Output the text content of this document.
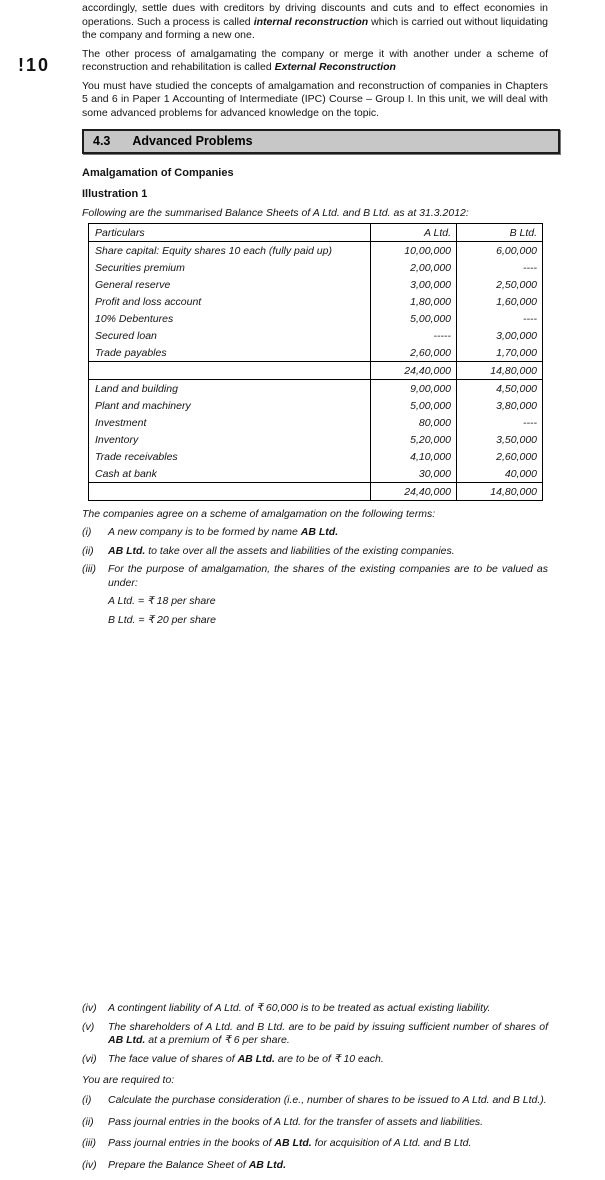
!10

accordingly, settle dues with creditors by driving discounts and cuts and to effect economies in operations. Such a process is called internal reconstruction which is carried out without liquidating the company and forming a new one.

The other process of amalgamating the company or merge it with another under a scheme of reconstruction and rehabilitation is called External Reconstruction

You must have studied the concepts of amalgamation and reconstruction of companies in Chapters 5 and 6 in Paper 1 Accounting of Intermediate (IPC) Course – Group I. In this unit, we will deal with some advanced problems for advanced knowledge on the topic.

4.3 Advanced Problems
Amalgamation of Companies
Illustration 1
Following are the summarised Balance Sheets of A Ltd. and B Ltd. as at 31.3.2012:
Particulars	A Ltd.	B Ltd.
Share capital: Equity shares 10 each (fully paid up)	10,00,000	6,00,000
Securities premium	2,00,000	----
General reserve	3,00,000	2,50,000
Profit and loss account	1,80,000	1,60,000
10% Debentures	5,00,000	----
Secured loan	-----	3,00,000
Trade payables	2,60,000	1,70,000
	24,40,000	14,80,000
Land and building	9,00,000	4,50,000
Plant and machinery	5,00,000	3,80,000
Investment	80,000	----
Inventory	5,20,000	3,50,000
Trade receivables	4,10,000	2,60,000
Cash at bank	30,000	40,000
	24,40,000	14,80,000
The companies agree on a scheme of amalgamation on the following terms:
(i)	A new company is to be formed by name AB Ltd.
(ii)	AB Ltd. to take over all the assets and liabilities of the existing companies.
(iii)	For the purpose of amalgamation, the shares of the existing companies are to be valued as under:
A Ltd. = ₹ 18 per share
B Ltd. = ₹ 20 per share
(iv)	A contingent liability of A Ltd. of ₹ 60,000 is to be treated as actual existing liability.
(v)	The shareholders of A Ltd. and B Ltd. are to be paid by issuing sufficient number of shares of AB Ltd. at a premium of ₹ 6 per share.
(vi)	The face value of shares of AB Ltd. are to be of ₹ 10 each.
You are required to:
(i)	Calculate the purchase consideration (i.e., number of shares to be issued to A Ltd. and B Ltd.).
(ii)	Pass journal entries in the books of A Ltd. for the transfer of assets and liabilities.
(iii)	Pass journal entries in the books of AB Ltd. for acquisition of A Ltd. and B Ltd.
(iv)	Prepare the Balance Sheet of AB Ltd.
